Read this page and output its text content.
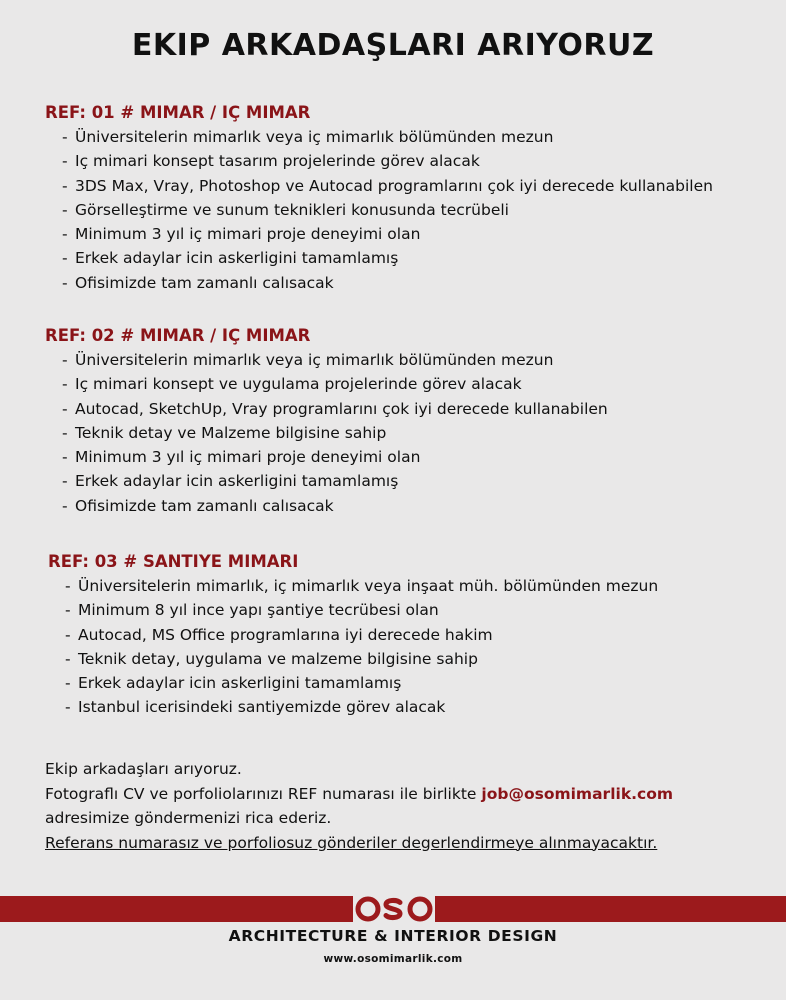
EKIP ARKADAŞLARI ARIYORUZ
REF: 01 # MIMAR / IÇ MIMAR
- Üniversitelerin mimarlık veya iç mimarlık bölümünden mezun
- Iç mimari konsept tasarım projelerinde görev alacak
- 3DS Max, Vray, Photoshop ve Autocad programlarını çok iyi derecede kullanabilen
- Görselleştirme ve sunum teknikleri konusunda tecrübeli
- Minimum 3 yıl iç mimari proje deneyimi olan
- Erkek adaylar icin askerligini tamamlamış
- Ofisimizde tam zamanlı calısacak
REF: 02 # MIMAR / IÇ MIMAR
- Üniversitelerin mimarlık veya iç mimarlık bölümünden mezun
- Iç mimari konsept ve uygulama projelerinde görev alacak
- Autocad, SketchUp, Vray programlarını çok iyi derecede kullanabilen
- Teknik detay ve Malzeme bilgisine sahip
- Minimum 3 yıl iç mimari proje deneyimi olan
- Erkek adaylar icin askerligini tamamlamış
- Ofisimizde tam zamanlı calısacak
REF: 03 # SANTIYE MIMARI
- Üniversitelerin mimarlık, iç mimarlık veya inşaat müh. bölümünden mezun
- Minimum 8 yıl ince yapı şantiye tecrübesi olan
- Autocad, MS Office programlarına iyi derecede hakim
- Teknik detay, uygulama ve malzeme bilgisine sahip
- Erkek adaylar icin askerligini tamamlamış
- Istanbul icerisindeki santiyemizde görev alacak

Ekip arkadaşları arıyoruz.

Fotograflı CV ve porfoliolarınızı REF numarası ile birlikte job@osomimarlik.com

adresimize göndermenizi rica ederiz.

Referans numarasız ve porfoliosuz gönderiler degerlendirmeye alınmayacaktır.

ARCHITECTURE & INTERIOR DESIGN
www.osomimarlik.com
